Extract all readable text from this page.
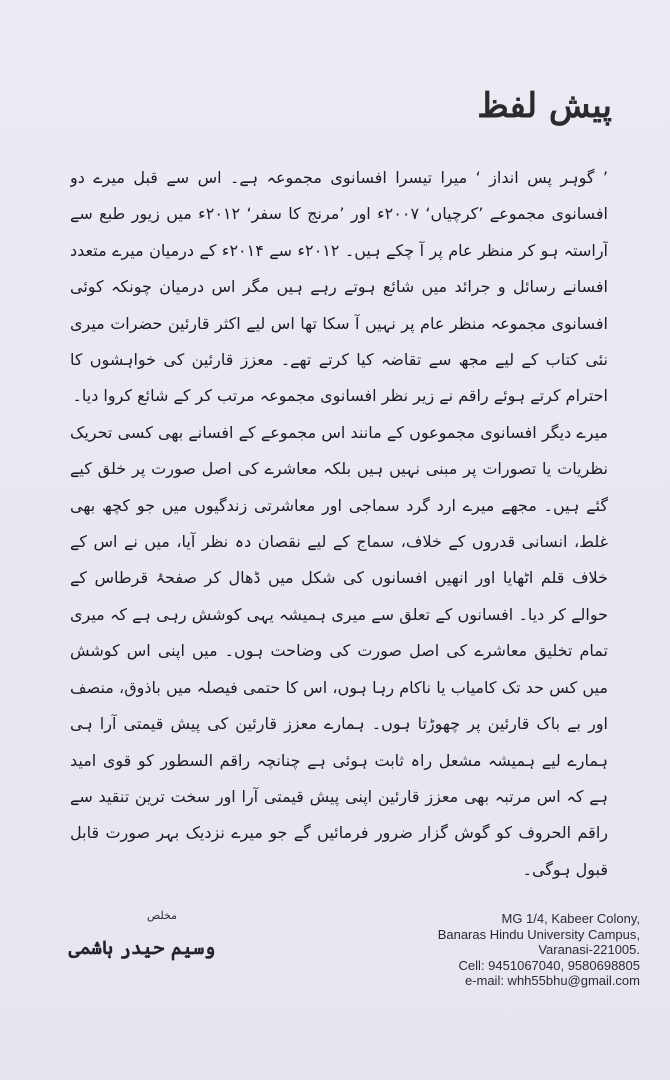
پیش لفظ

’ گوہر پس انداز ‘ میرا تیسرا افسانوی مجموعہ ہے۔ اس سے قبل میرے دو افسانوی مجموعے ’کرچیاں‘ ۲۰۰۷ء اور ’مرنج کا سفر‘ ۲۰۱۲ء میں زیور طبع سے آراستہ ہو کر منظر عام پر آ چکے ہیں۔ ۲۰۱۲ء سے ۲۰۱۴ء کے درمیان میرے متعدد افسانے رسائل و جرائد میں شائع ہوتے رہے ہیں مگر اس درمیان چونکہ کوئی افسانوی مجموعہ منظر عام پر نہیں آ سکا تھا اس لیے اکثر قارئین حضرات میری نئی کتاب کے لیے مجھ سے تقاضہ کیا کرتے تھے۔ معزز قارئین کی خواہشوں کا احترام کرتے ہوئے راقم نے زیر نظر افسانوی مجموعہ مرتب کر کے شائع کروا دیا۔

میرے دیگر افسانوی مجموعوں کے مانند اس مجموعے کے افسانے بھی کسی تحریک نظریات یا تصورات پر مبنی نہیں ہیں بلکہ معاشرے کی اصل صورت پر خلق کیے گئے ہیں۔ مجھے میرے ارد گرد سماجی اور معاشرتی زندگیوں میں جو کچھ بھی غلط، انسانی قدروں کے خلاف، سماج کے لیے نقصان دہ نظر آیا، میں نے اس کے خلاف قلم اٹھایا اور انھیں افسانوں کی شکل میں ڈھال کر صفحۂ قرطاس کے حوالے کر دیا۔ افسانوں کے تعلق سے میری ہمیشہ یہی کوشش رہی ہے کہ میری تمام تخلیق معاشرے کی اصل صورت کی وضاحت ہوں۔ میں اپنی اس کوشش میں کس حد تک کامیاب یا ناکام رہا ہوں، اس کا حتمی فیصلہ میں باذوق، منصف اور بے باک قارئین پر چھوڑتا ہوں۔ ہمارے معزز قارئین کی پیش قیمتی آرا ہی ہمارے لیے ہمیشہ مشعل راہ ثابت ہوئی ہے چنانچہ راقم السطور کو قوی امید ہے کہ اس مرتبہ بھی معزز قارئین اپنی پیش قیمتی آرا اور سخت ترین تنقید سے راقم الحروف کو گوش گزار ضرور فرمائیں گے جو میرے نزدیک بہر صورت قابل قبول ہوگی۔

مخلص
وسیم حیدر ہاشمی
MG 1/4, Kabeer Colony,
Banaras Hindu University Campus,
Varanasi-221005.
Cell: 9451067040, 9580698805
e-mail: whh55bhu@gmail.com
